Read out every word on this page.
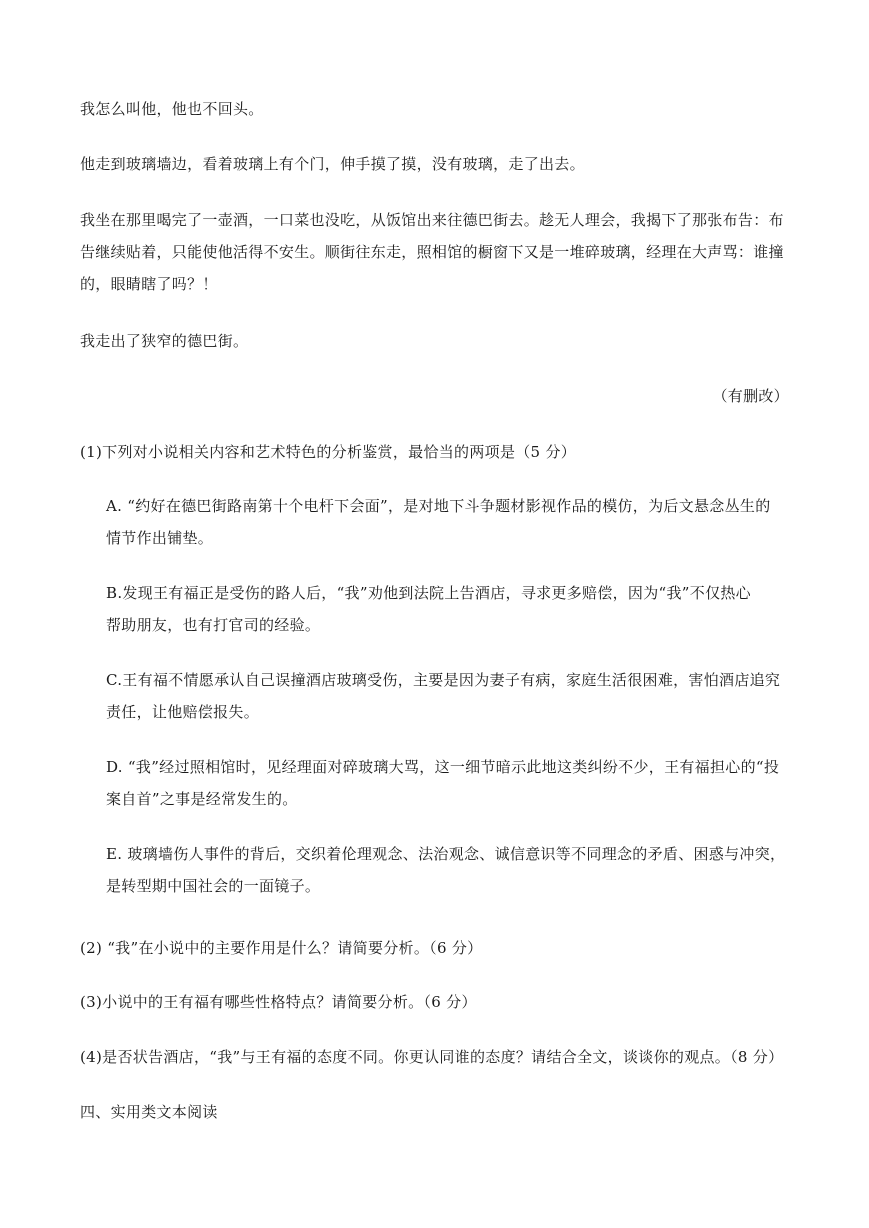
我怎么叫他，他也不回头。
他走到玻璃墙边，看着玻璃上有个门，伸手摸了摸，没有玻璃，走了出去。
我坐在那里喝完了一壶酒，一口菜也没吃，从饭馆出来往德巴街去。趁无人理会，我揭下了那张布告：布
告继续贴着，只能使他活得不安生。顺街往东走，照相馆的橱窗下又是一堆碎玻璃，经理在大声骂：谁撞
的，眼睛瞎了吗？！
我走出了狭窄的德巴街。
（有删改）
(1)下列对小说相关内容和艺术特色的分析鉴赏，最恰当的两项是（5 分）
A. “约好在德巴街路南第十个电杆下会面”，是对地下斗争题材影视作品的模仿，为后文悬念丛生的
情节作出铺垫。
B.发现王有福正是受伤的路人后，“我”劝他到法院上告酒店，寻求更多赔偿，因为“我”不仅热心
帮助朋友，也有打官司的经验。
C.王有福不情愿承认自己误撞酒店玻璃受伤，主要是因为妻子有病，家庭生活很困难，害怕酒店追究
责任，让他赔偿报失。
D. “我”经过照相馆时，见经理面对碎玻璃大骂，这一细节暗示此地这类纠纷不少，王有福担心的“投
案自首”之事是经常发生的。
E. 玻璃墙伤人事件的背后，交织着伦理观念、法治观念、诚信意识等不同理念的矛盾、困惑与冲突，
是转型期中国社会的一面镜子。
(2) “我”在小说中的主要作用是什么？请简要分析。（6 分）
(3)小说中的王有福有哪些性格特点？请简要分析。（6 分）
(4)是否状告酒店，“我”与王有福的态度不同。你更认同谁的态度？请结合全文，谈谈你的观点。（8 分）
四、实用类文本阅读
